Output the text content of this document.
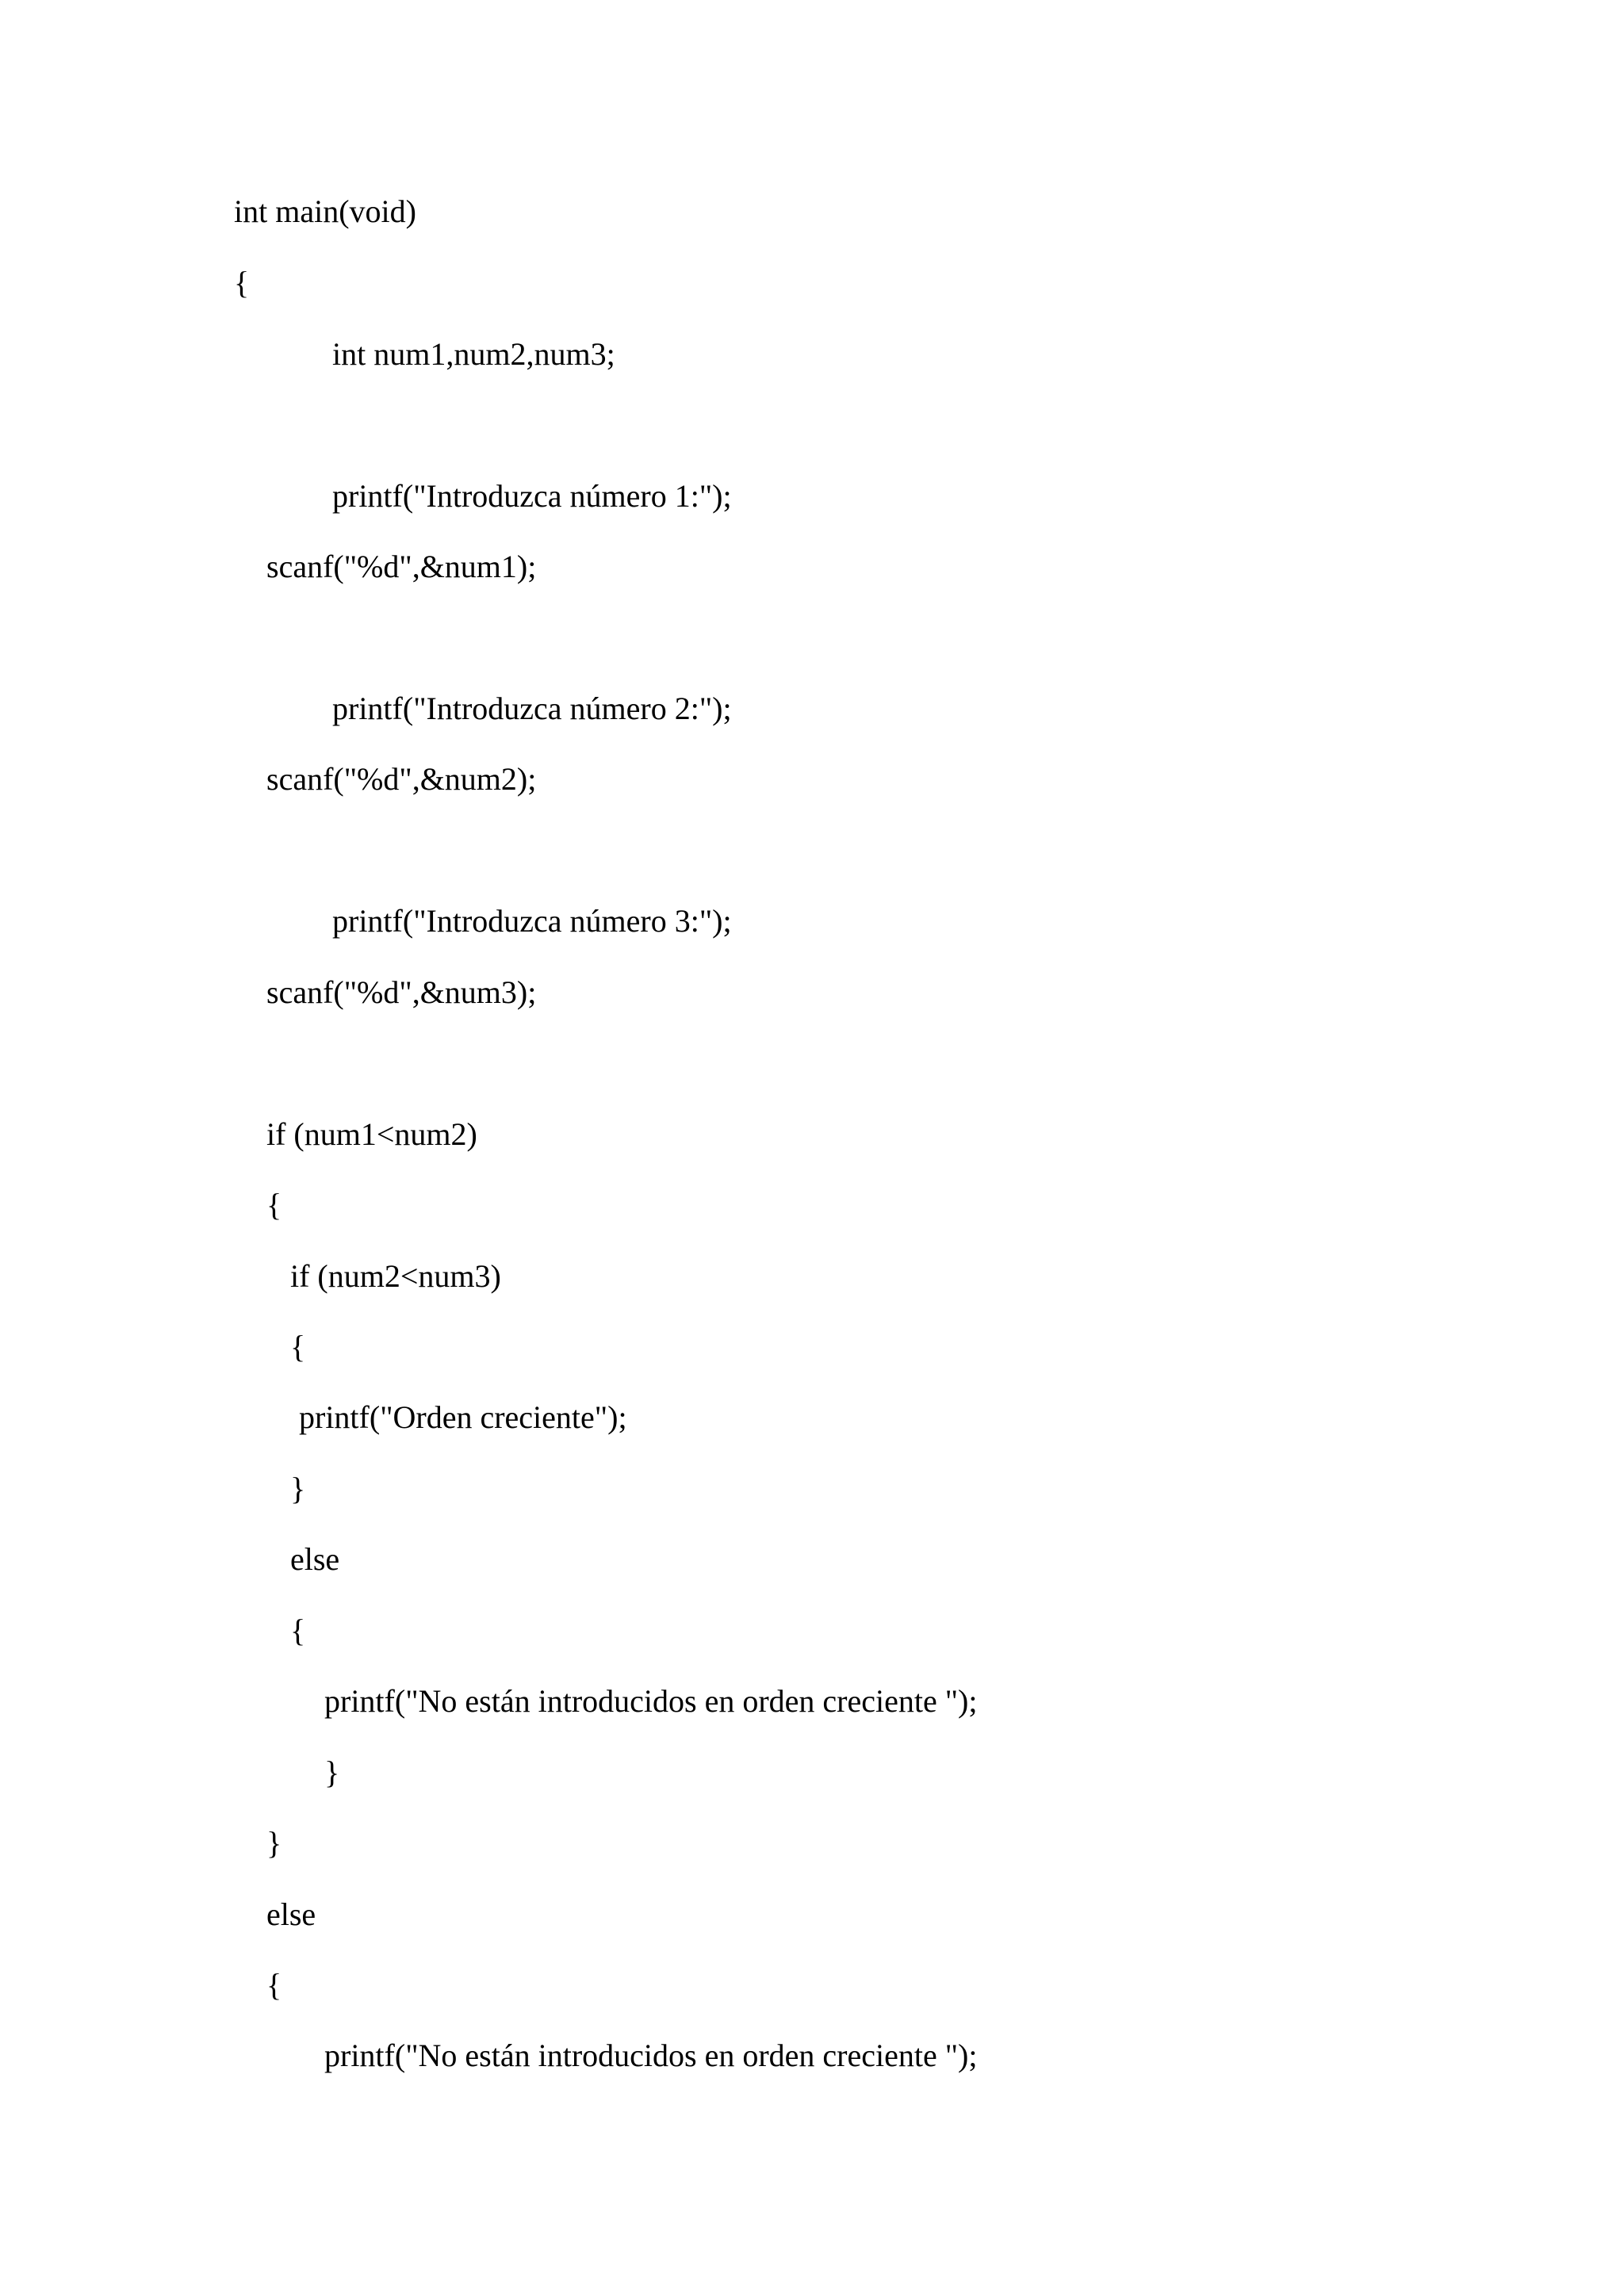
int main(void)
{
int num1,num2,num3;
printf("Introduzca número 1:");
scanf("%d",&num1);
printf("Introduzca número 2:");
scanf("%d",&num2);
printf("Introduzca número 3:");
scanf("%d",&num3);
if (num1<num2)
{
if (num2<num3)
{
printf("Orden creciente");
}
else
{
printf("No están introducidos en orden creciente ");
}
}
else
{
printf("No están introducidos en orden creciente ");
